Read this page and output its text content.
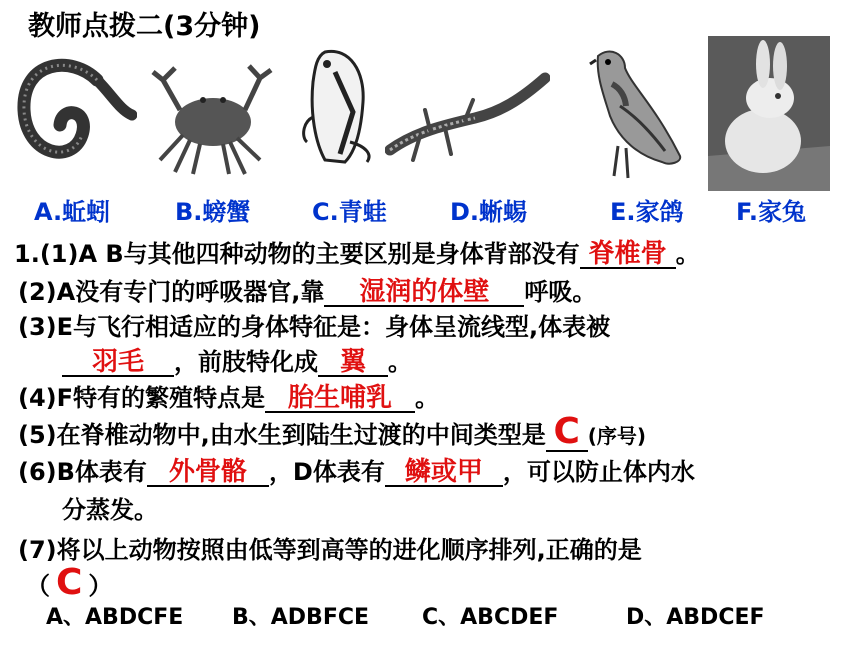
教师点拨二(3分钟)
A.蚯蚓	B.螃蟹	C.青蛙	D.蜥蜴	E.家鸽 F.家兔
1.(1)A B与其他四种动物的主要区别是身体背部没有 脊椎骨 。
(2)A没有专门的呼吸器官,靠 湿润的体壁 呼吸。
(3)E与飞行相适应的身体特征是：身体呈流线型,体表被
羽毛 ，前肢特化成 翼 。
(4)F特有的繁殖特点是 胎生哺乳 。
(5)在脊椎动物中,由水生到陆生过渡的中间类型是 C (序号)
(6)B体表有 外骨骼 ，D体表有 鳞或甲 ，可以防止体内水
分蒸发。
(7)将以上动物按照由低等到高等的进化顺序排列,正确的是
（ C ）
A、ABDCFE B、ADBFCE C、ABCDEF	D、ABDCEF
